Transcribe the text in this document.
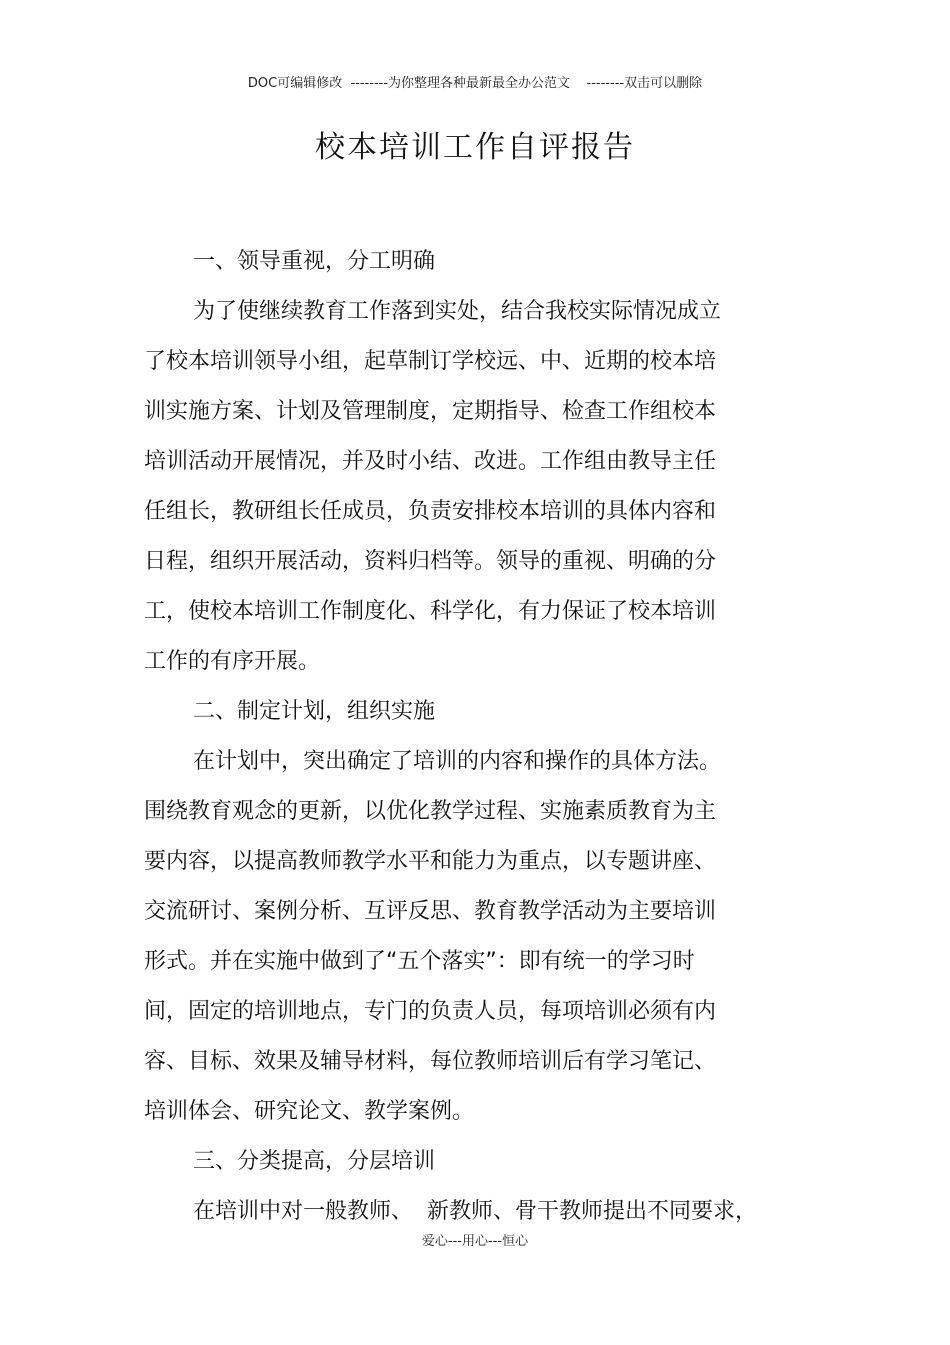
DOC可编辑修改  --------为你整理各种最新最全办公范文    --------双击可以删除
校本培训工作自评报告
一、领导重视，分工明确
为了使继续教育工作落到实处，结合我校实际情况成立
了校本培训领导小组，起草制订学校远、中、近期的校本培
训实施方案、计划及管理制度，定期指导、检查工作组校本
培训活动开展情况，并及时小结、改进。工作组由教导主任
任组长，教研组长任成员，负责安排校本培训的具体内容和
日程，组织开展活动，资料归档等。领导的重视、明确的分
工，使校本培训工作制度化、科学化，有力保证了校本培训
工作的有序开展。
二、制定计划，组织实施
在计划中，突出确定了培训的内容和操作的具体方法。
围绕教育观念的更新，以优化教学过程、实施素质教育为主
要内容，以提高教师教学水平和能力为重点，以专题讲座、
交流研讨、案例分析、互评反思、教育教学活动为主要培训
形式。并在实施中做到了“五个落实”：即有统一的学习时
间，固定的培训地点，专门的负责人员，每项培训必须有内
容、目标、效果及辅导材料，每位教师培训后有学习笔记、
培训体会、研究论文、教学案例。
三、分类提高，分层培训
在培训中对一般教师、  新教师、骨干教师提出不同要求，
爱心---用心---恒心
